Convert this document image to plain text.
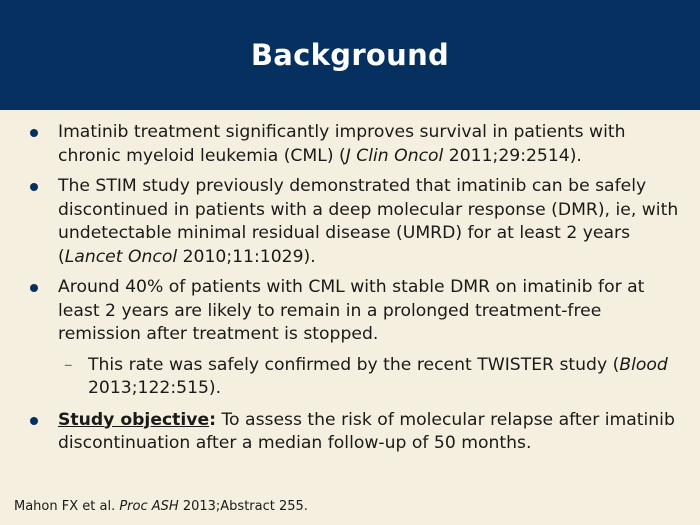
Background
Imatinib treatment significantly improves survival in patients with chronic myeloid leukemia (CML) (J Clin Oncol 2011;29:2514).
The STIM study previously demonstrated that imatinib can be safely discontinued in patients with a deep molecular response (DMR), ie, with undetectable minimal residual disease (UMRD) for at least 2 years (Lancet Oncol 2010;11:1029).
Around 40% of patients with CML with stable DMR on imatinib for at least 2 years are likely to remain in a prolonged treatment-free remission after treatment is stopped.
– This rate was safely confirmed by the recent TWISTER study (Blood 2013;122:515).
Study objective: To assess the risk of molecular relapse after imatinib discontinuation after a median follow-up of 50 months.
Mahon FX et al. Proc ASH 2013;Abstract 255.
